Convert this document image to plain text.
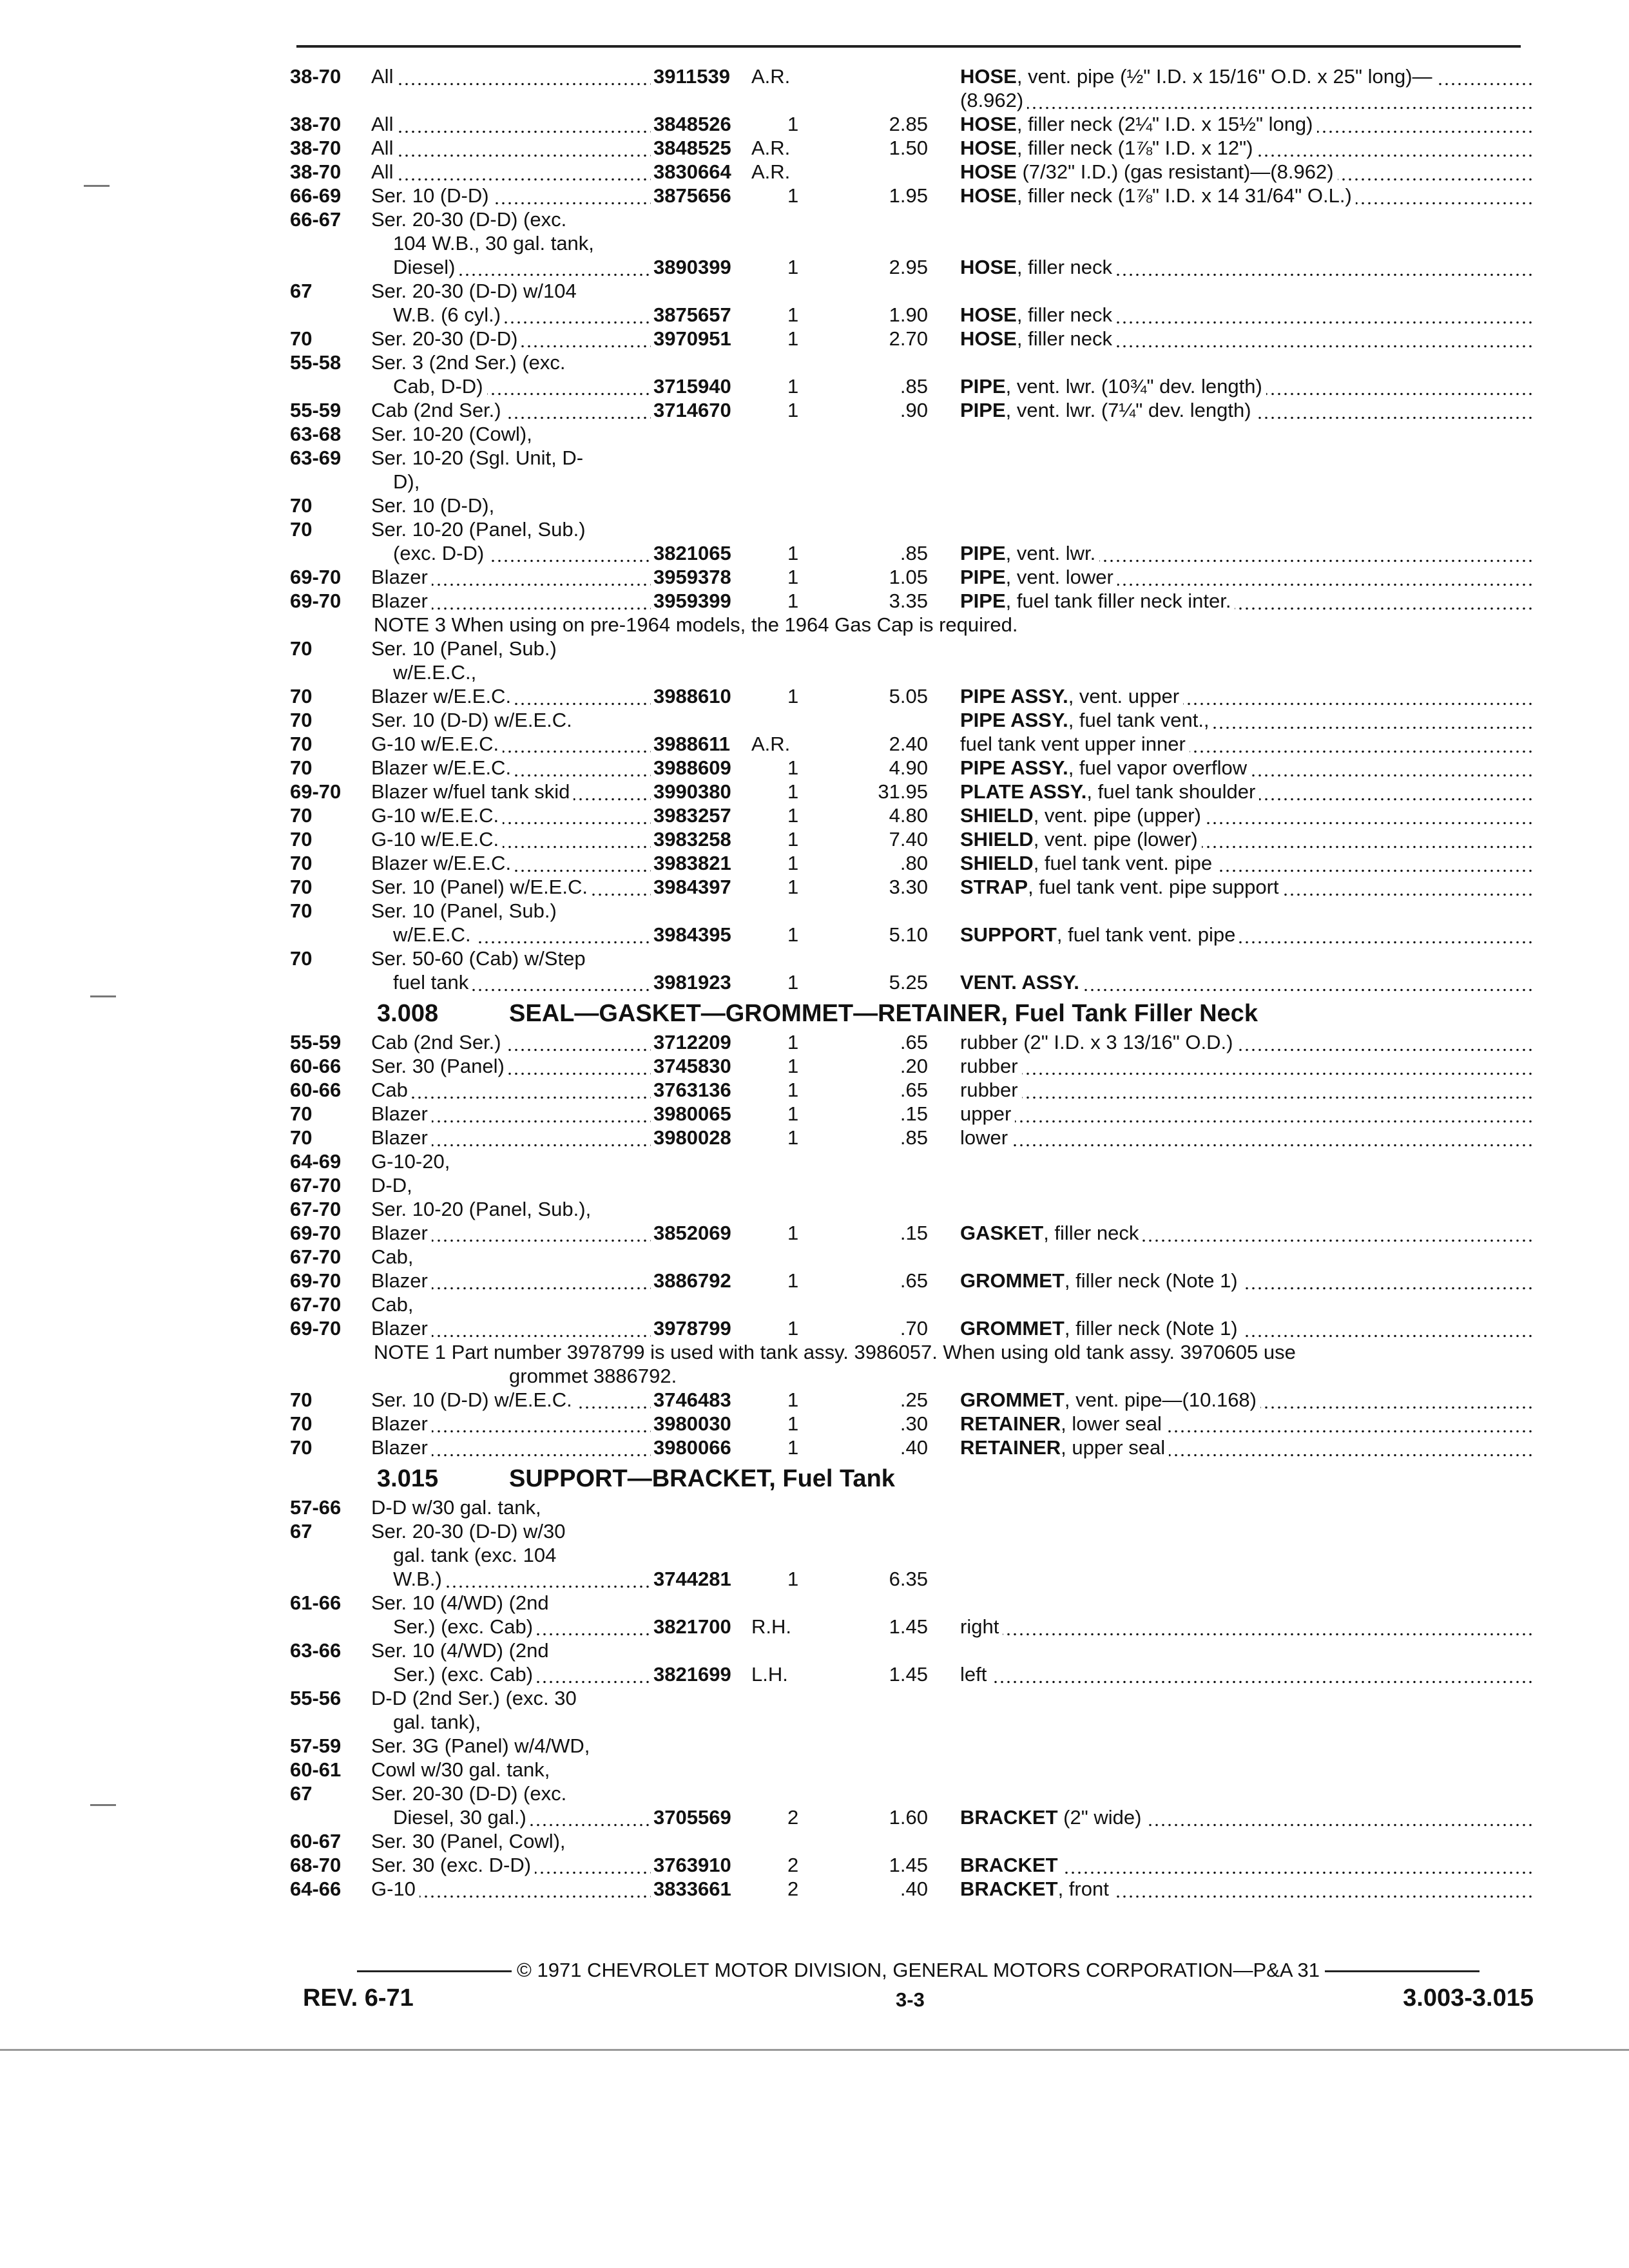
38-70 All	3911539 A.R.	HOSE, vent. pipe (½" I.D. x 15/16" O.D. x 25" long)—
(8.962)
38-70 All	3848526	1	2.85 HOSE, filler neck (2¼" I.D. x 15½" long)
38-70 All	3848525 A.R.	1.50 HOSE, filler neck (1⅞" I.D. x 12")
38-70 All	3830664 A.R.	HOSE (7/32" I.D.) (gas resistant)—(8.962)
66-69 Ser. 10 (D-D)	3875656	1	1.95 HOSE, filler neck (1⅞" I.D. x 14 31/64" O.L.)
66-67 Ser. 20-30 (D-D) (exc.
104 W.B., 30 gal. tank,
Diesel)	3890399	1	2.95 HOSE, filler neck
67	Ser. 20-30 (D-D) w/104
W.B. (6 cyl.)	3875657	1	1.90 HOSE, filler neck
70	Ser. 20-30 (D-D)	3970951	1	2.70 HOSE, filler neck
55-58 Ser. 3 (2nd Ser.) (exc.
Cab, D-D)	3715940	1	.85 PIPE, vent. lwr. (10¾" dev. length)
55-59 Cab (2nd Ser.)	3714670	1	.90 PIPE, vent. lwr. (7¼" dev. length)
63-68 Ser. 10-20 (Cowl),
63-69 Ser. 10-20 (Sgl. Unit, D-
D),
70	Ser. 10 (D-D),
70	Ser. 10-20 (Panel, Sub.)
(exc. D-D)	3821065	1	.85 PIPE, vent. lwr.
69-70 Blazer	3959378	1	1.05 PIPE, vent. lower
69-70 Blazer	3959399	1	3.35 PIPE, fuel tank filler neck inter.
NOTE 3 When using on pre-1964 models, the 1964 Gas Cap is required.
70	Ser. 10 (Panel, Sub.)
w/E.E.C.,
70	Blazer w/E.E.C.	3988610	1	5.05 PIPE ASSY., vent. upper
70	Ser. 10 (D-D) w/E.E.C.	PIPE ASSY., fuel tank vent.,
70	G-10 w/E.E.C.	3988611 A.R.	2.40 fuel tank vent upper inner
70	Blazer w/E.E.C.	3988609	1	4.90 PIPE ASSY., fuel vapor overflow
69-70 Blazer w/fuel tank skid	3990380	1	31.95 PLATE ASSY., fuel tank shoulder
70	G-10 w/E.E.C.	3983257	1	4.80 SHIELD, vent. pipe (upper)
70	G-10 w/E.E.C.	3983258	1	7.40 SHIELD, vent. pipe (lower)
70	Blazer w/E.E.C.	3983821	1	.80 SHIELD, fuel tank vent. pipe
70	Ser. 10 (Panel) w/E.E.C.	3984397	1	3.30 STRAP, fuel tank vent. pipe support
70	Ser. 10 (Panel, Sub.)
w/E.E.C.	3984395	1	5.10 SUPPORT, fuel tank vent. pipe
70	Ser. 50-60 (Cab) w/Step
fuel tank	3981923	1	5.25 VENT. ASSY.
3.008	SEAL—GASKET—GROMMET—RETAINER, Fuel Tank Filler Neck
55-59 Cab (2nd Ser.)	3712209	1	.65 rubber (2" I.D. x 3 13/16" O.D.)
60-66 Ser. 30 (Panel)	3745830	1	.20 rubber
60-66 Cab	3763136	1	.65 rubber
70	Blazer	3980065	1	.15 upper
70	Blazer	3980028	1	.85 lower
64-69 G-10-20,
67-70 D-D,
67-70 Ser. 10-20 (Panel, Sub.),
69-70 Blazer	3852069	1	.15 GASKET, filler neck
67-70 Cab,
69-70 Blazer	3886792	1	.65 GROMMET, filler neck (Note 1)
67-70 Cab,
69-70 Blazer	3978799	1	.70 GROMMET, filler neck (Note 1)
NOTE 1 Part number 3978799 is used with tank assy. 3986057. When using old tank assy. 3970605 use
grommet 3886792.
70	Ser. 10 (D-D) w/E.E.C.	3746483	1	.25 GROMMET, vent. pipe—(10.168)
70	Blazer	3980030	1	.30 RETAINER, lower seal
70	Blazer	3980066	1	.40 RETAINER, upper seal
3.015	SUPPORT—BRACKET, Fuel Tank
57-66 D-D w/30 gal. tank,
67	Ser. 20-30 (D-D) w/30
gal. tank (exc. 104
W.B.)	3744281	1	6.35
61-66 Ser. 10 (4/WD) (2nd
Ser.) (exc. Cab)	3821700 R.H.	1.45 right
63-66 Ser. 10 (4/WD) (2nd
Ser.) (exc. Cab)	3821699 L.H.	1.45 left
55-56 D-D (2nd Ser.) (exc. 30
gal. tank),
57-59 Ser. 3G (Panel) w/4/WD,
60-61 Cowl w/30 gal. tank,
67	Ser. 20-30 (D-D) (exc.
Diesel, 30 gal.)	3705569	2	1.60 BRACKET (2" wide)
60-67 Ser. 30 (Panel, Cowl),
68-70 Ser. 30 (exc. D-D)	3763910	2	1.45 BRACKET
64-66 G-10	3833661	2	.40 BRACKET, front
© 1971 CHEVROLET MOTOR DIVISION, GENERAL MOTORS CORPORATION—P&A 31
REV. 6-71	3-3	3.003-3.015
